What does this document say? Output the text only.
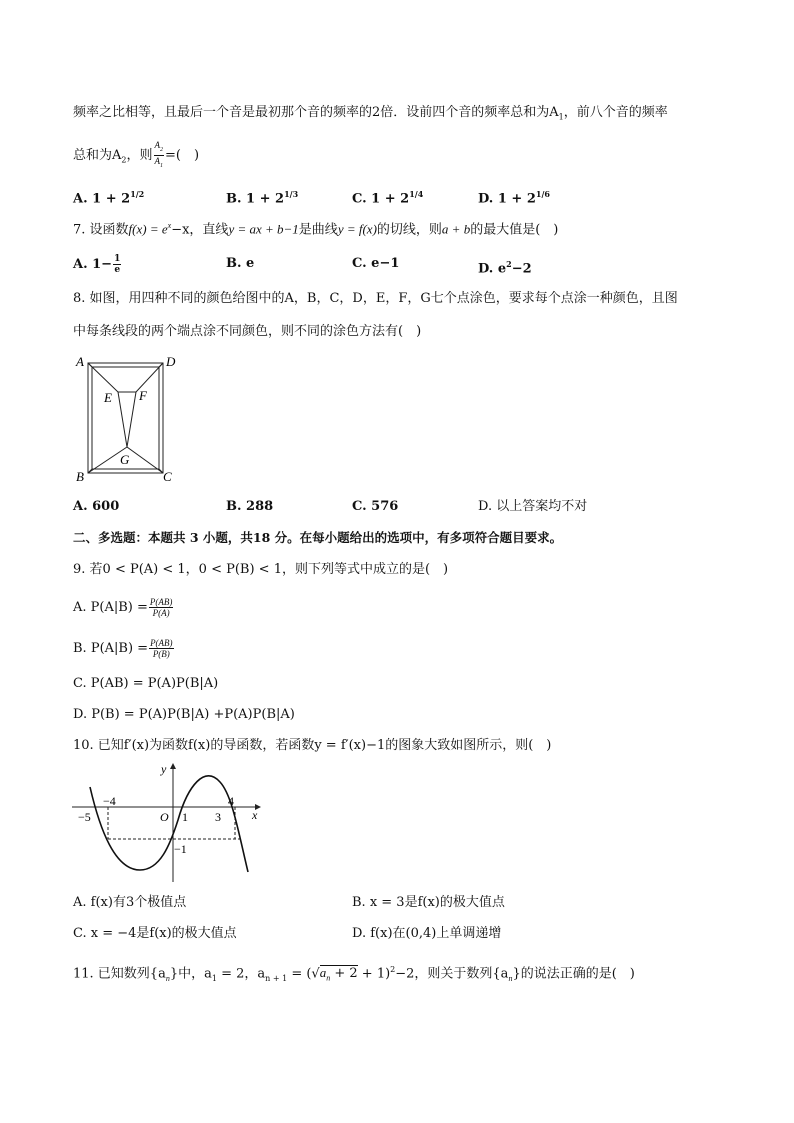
频率之比相等，且最后一个音是最初那个音的频率的2倍．设前四个音的频率总和为$A_1$，前八个音的频率
总和为$A_2$，则 $\frac{A_2}{A_1}$ =(　)
A. $1 + 2^{1/2}$	B. $1 + 2^{1/3}$	C. $1 + 2^{1/4}$	D. $1 + 2^{1/6}$
7. 设函数$f(x) = e^x-x$，直线y = ax + b−1是曲线y = f(x)的切线，则a + b的最大值是(　)
A. $1- \frac{1}{e}$	B. e	C. e−1	D. $e^2-2$
8. 如图，用四种不同的颜色给图中的A，B，C，D，E，F，G七个点涂色，要求每个点涂一种颜色，且图
中每条线段的两个端点涂不同颜色，则不同的涂色方法有(　)
A	D
E F
G
B	C
A. 600	B. 288	C. 576	D. 以上答案均不对
二、多选题：本题共 3 小题，共18 分。在每小题给出的选项中，有多项符合题目要求。
9. 若0 < P(A) < 1，0 < P(B) < 1，则下列等式中成立的是(　)
A. $P(A|B) = \frac{P(AB)}{P(A)}$
B. $P(A|B) = \frac{P(AB)}{P(B)}$
C. P(AB) = P(A)P(B|A)
D. P(B) = P(A)P(B|A) +P(A)P(B|A)
10. 已知f′(x)为函数f(x)的导函数，若函数y = f′(x)−1的图象大致如图所示，则(　)
y
x
O
−4
−5	1 3
4
−1
A. f(x)有3个极值点	B. x = 3是f(x)的极大值点
C. x = −4是f(x)的极大值点	D. f(x)在(0,4)上单调递增
11. 已知数列$\{a_n\}$中，$a_1 = 2$，$a_{n + 1} = (√a_n + 2 + 1)^2-2$，则关于数列$\{a_n\}$的说法正确的是(　)
